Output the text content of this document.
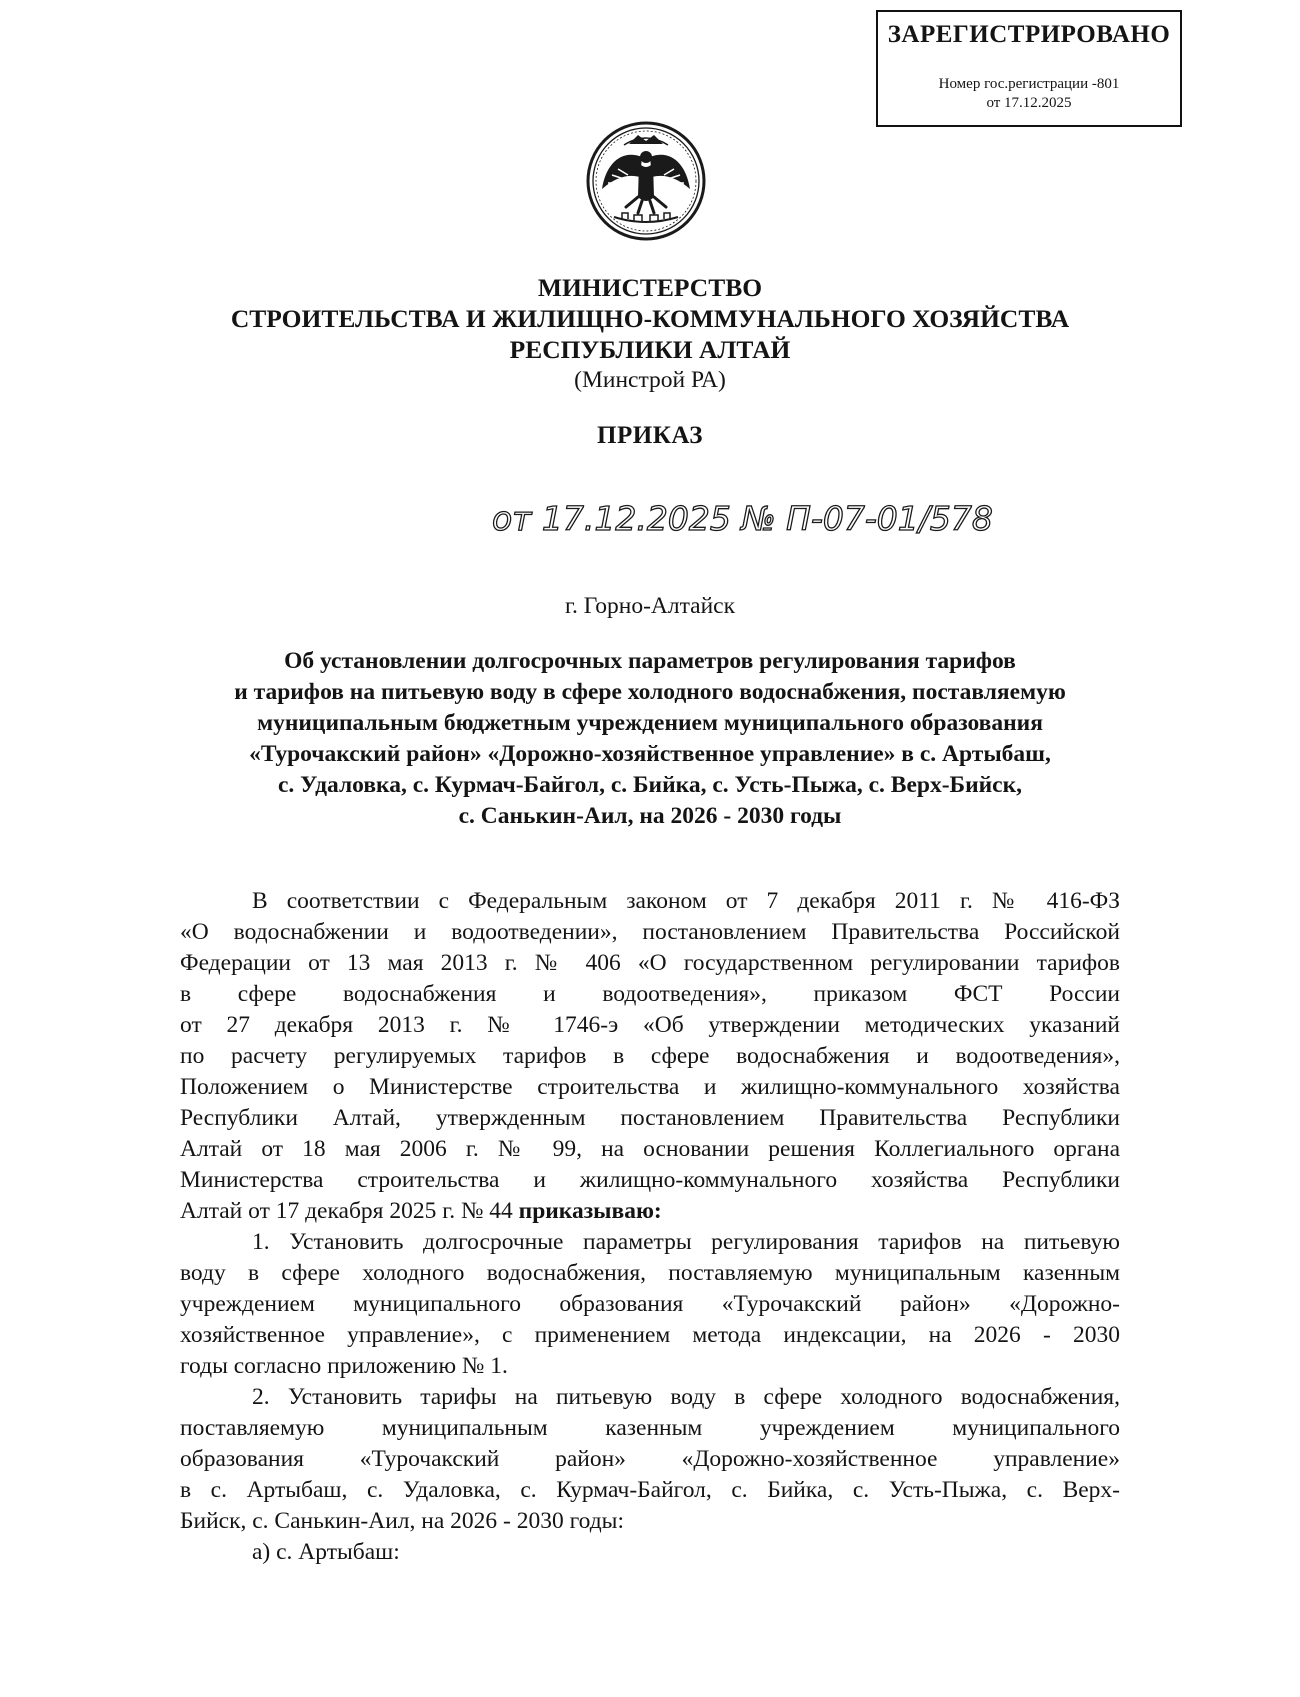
ЗАРЕГИСТРИРОВАНО
Номер гос.регистрации -801
от 17.12.2025
МИНИСТЕРСТВО
СТРОИТЕЛЬСТВА И ЖИЛИЩНО-КОММУНАЛЬНОГО ХОЗЯЙСТВА
РЕСПУБЛИКИ АЛТАЙ
(Минстрой РА)
ПРИКАЗ
от 17.12.2025 № П-07-01/578
г. Горно-Алтайск
Об установлении долгосрочных параметров регулирования тарифов
и тарифов на питьевую воду в сфере холодного водоснабжения, поставляемую
муниципальным бюджетным учреждением муниципального образования
«Турочакский район» «Дорожно-хозяйственное управление» в с. Артыбаш,
с. Удаловка, с. Курмач-Байгол, с. Бийка, с. Усть-Пыжа, с. Верх-Бийск,
с. Санькин-Аил, на 2026 - 2030 годы

В соответствии с Федеральным законом от 7 декабря 2011 г. № 416-ФЗ

«О водоснабжении и водоотведении», постановлением Правительства Российской

Федерации от 13 мая 2013 г. № 406 «О государственном регулировании тарифов

в сфере водоснабжения и водоотведения», приказом ФСТ России

от 27 декабря 2013 г. № 1746-э «Об утверждении методических указаний

по расчету регулируемых тарифов в сфере водоснабжения и водоотведения»,

Положением о Министерстве строительства и жилищно-коммунального хозяйства

Республики Алтай, утвержденным постановлением Правительства Республики

Алтай от 18 мая 2006 г. № 99, на основании решения Коллегиального органа

Министерства строительства и жилищно-коммунального хозяйства Республики

Алтай от 17 декабря 2025 г. № 44 приказываю:

1. Установить долгосрочные параметры регулирования тарифов на питьевую

воду в сфере холодного водоснабжения, поставляемую муниципальным казенным

учреждением муниципального образования «Турочакский район» «Дорожно-

хозяйственное управление», с применением метода индексации, на 2026 - 2030

годы согласно приложению № 1.

2. Установить тарифы на питьевую воду в сфере холодного водоснабжения,

поставляемую муниципальным казенным учреждением муниципального

образования «Турочакский район» «Дорожно-хозяйственное управление»

в с. Артыбаш, с. Удаловка, с. Курмач-Байгол, с. Бийка, с. Усть-Пыжа, с. Верх-

Бийск, с. Санькин-Аил, на 2026 - 2030 годы:

а) с. Артыбаш:
